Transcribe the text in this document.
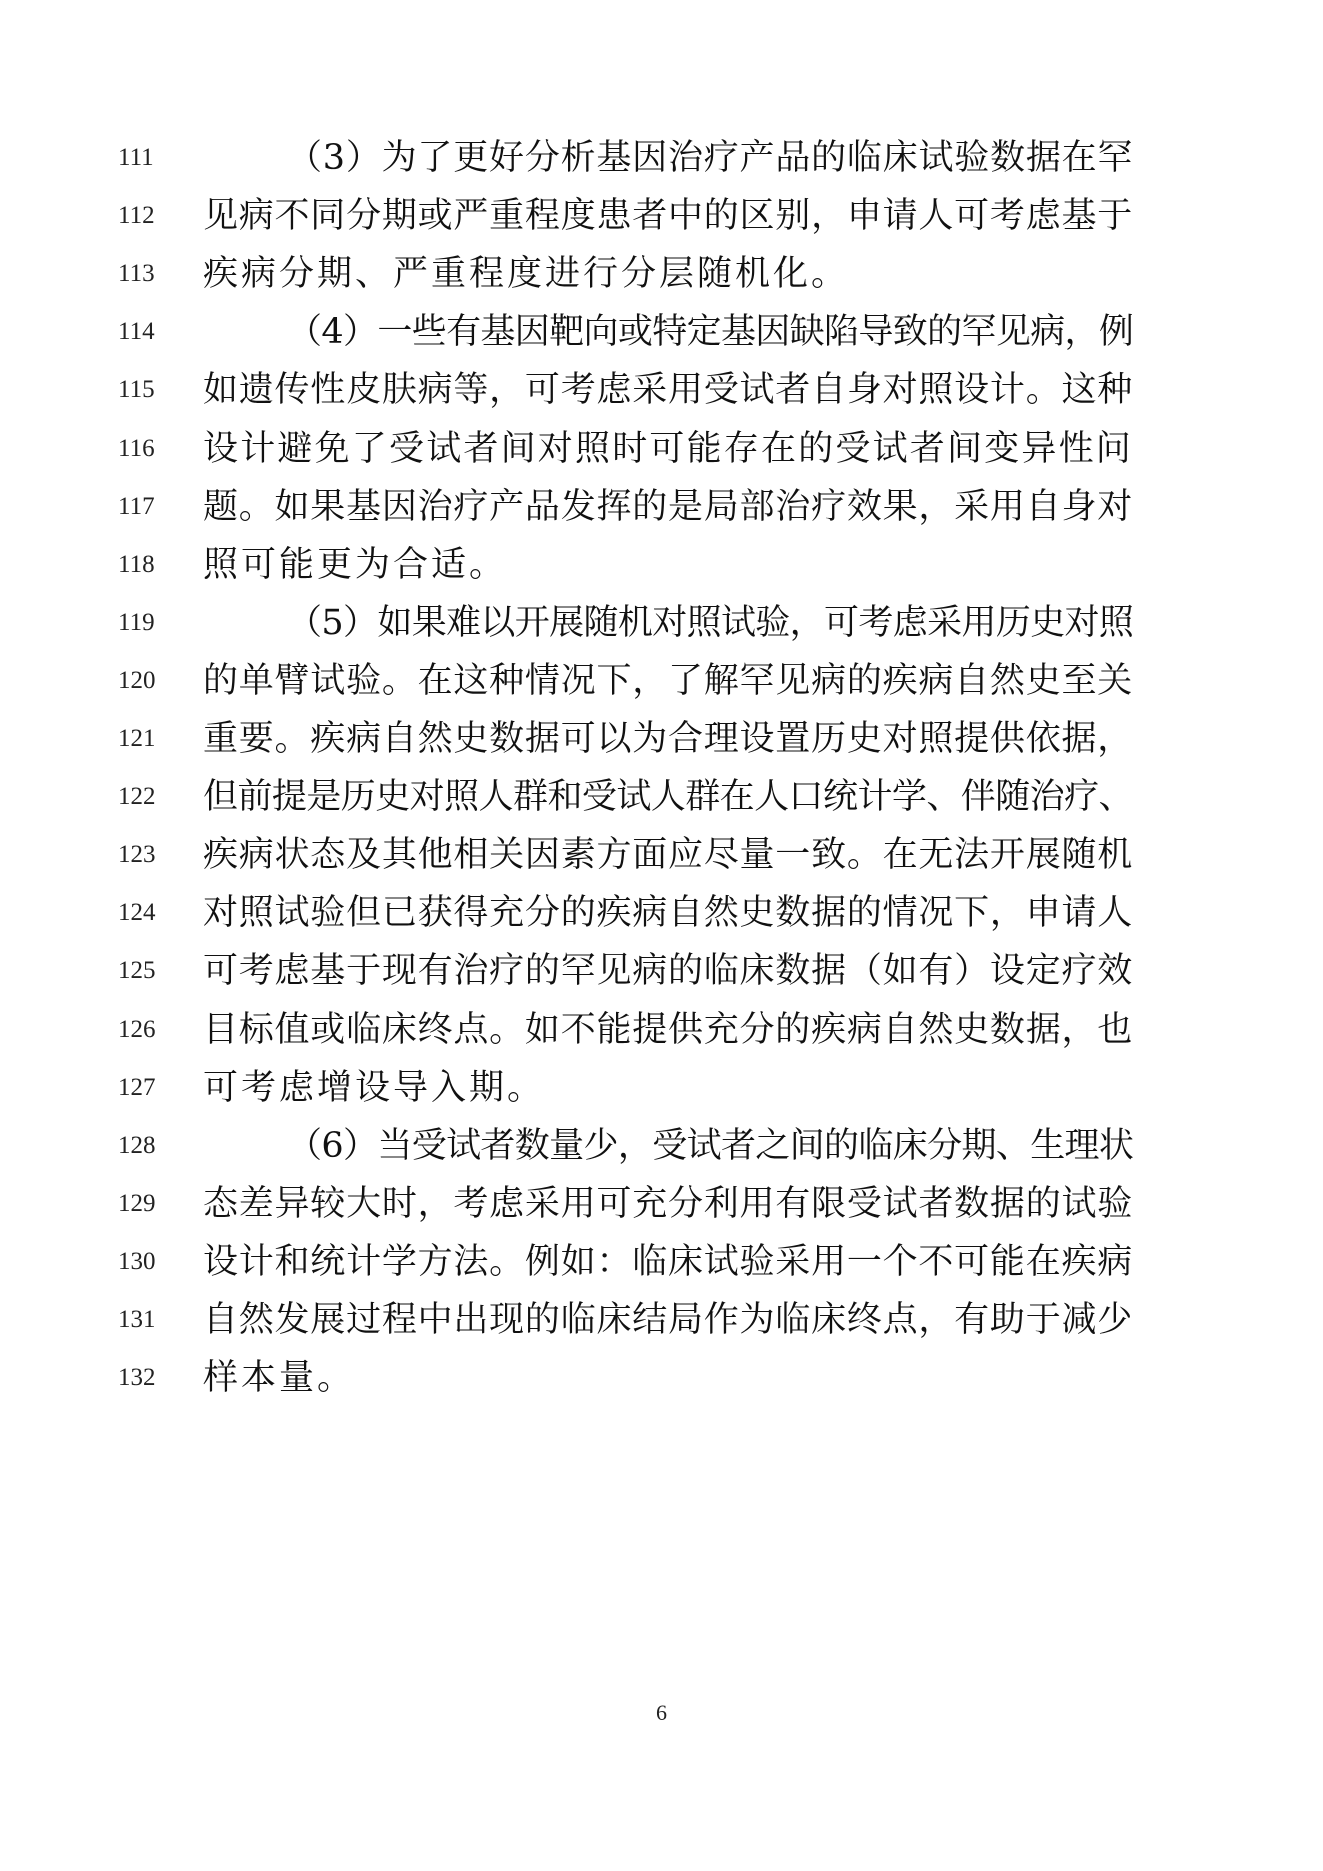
111	（3）为了更好分析基因治疗产品的临床试验数据在罕
112 见病不同分期或严重程度患者中的区别，申请人可考虑基于
113 疾病分期、严重程度进行分层随机化。
114	（4）一些有基因靶向或特定基因缺陷导致的罕见病，例
115 如遗传性皮肤病等，可考虑采用受试者自身对照设计。这种
116 设计避免了受试者间对照时可能存在的受试者间变异性问
117 题。如果基因治疗产品发挥的是局部治疗效果，采用自身对
118 照可能更为合适。
119	（5）如果难以开展随机对照试验，可考虑采用历史对照
120 的单臂试验。在这种情况下，了解罕见病的疾病自然史至关
121 重要。疾病自然史数据可以为合理设置历史对照提供依据，
122 但前提是历史对照人群和受试人群在人口统计学、伴随治疗、
123 疾病状态及其他相关因素方面应尽量一致。在无法开展随机
124 对照试验但已获得充分的疾病自然史数据的情况下，申请人
125 可考虑基于现有治疗的罕见病的临床数据（如有）设定疗效
126 目标值或临床终点。如不能提供充分的疾病自然史数据，也
127 可考虑增设导入期。
128	（6）当受试者数量少，受试者之间的临床分期、生理状
129 态差异较大时，考虑采用可充分利用有限受试者数据的试验
130 设计和统计学方法。例如：临床试验采用一个不可能在疾病
131 自然发展过程中出现的临床结局作为临床终点，有助于减少
132 样本量。
6
